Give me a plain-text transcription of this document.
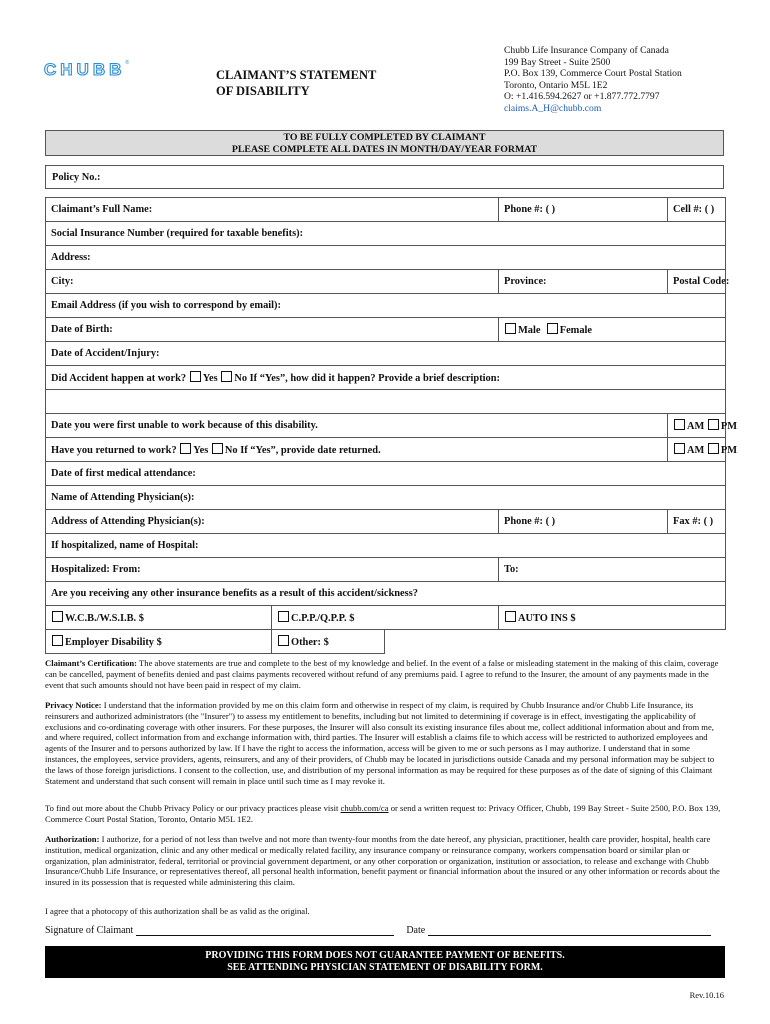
CHUBB®
CLAIMANT’S STATEMENT
OF DISABILITY
Chubb Life Insurance Company of Canada
199 Bay Street - Suite 2500
P.O. Box 139, Commerce Court Postal Station
Toronto, Ontario M5L 1E2
O: +1.416.594.2627 or +1.877.772.7797
claims.A_H@chubb.com
TO BE FULLY COMPLETED BY CLAIMANT
PLEASE COMPLETE ALL DATES IN MONTH/DAY/YEAR FORMAT
Policy No.:
Claimant’s Full Name:			Phone #: ( )	Cell #: ( )
Social Insurance Number (required for taxable benefits):				
Address:				
City:			Province:	Postal Code:
Email Address (if you wish to correspond by email):				
Date of Birth:			Male Female	
Date of Accident/Injury:				
Did Accident happen at work? Yes No If “Yes”, how did it happen? Provide a brief description:				

Date you were first unable to work because of this disability.				AM PM
Have you returned to work? Yes No If “Yes”, provide date returned.				AM PM
Date of first medical attendance:				
Name of Attending Physician(s):				
Address of Attending Physician(s):			Phone #: ( )	Fax #: ( )
If hospitalized, name of Hospital:				
Hospitalized: From:			To:	
Are you receiving any other insurance benefits as a result of this accident/sickness?				
W.C.B./W.S.I.B. $	C.P.P./Q.P.P. $		AUTO INS $	
Employer Disability $	Other: $			
Claimant’s Certification: The above statements are true and complete to the best of my knowledge and belief. In the event of a false or misleading statement in the making of this claim, coverage can be cancelled, payment of benefits denied and past claims payments recovered without refund of any premiums paid. I agree to refund to the Insurer, the amount of any payments made in the event that such amounts should not have been paid in respect of my claim.
Privacy Notice: I understand that the information provided by me on this claim form and otherwise in respect of my claim, is required by Chubb Insurance and/or Chubb Life Insurance, its reinsurers and authorized administrators (the "Insurer") to assess my entitlement to benefits, including but not limited to determining if coverage is in effect, investigating the applicability of exclusions and co-ordinating coverage with other insurers. For these purposes, the Insurer will also consult its existing insurance files about me, collect additional information about and from me, and where required, collect information from and exchange information with, third parties. The Insurer will establish a claims file to which access will be restricted to authorized employees and agents of the Insurer and to persons authorized by law. If I have the right to access the information, access will be given to me or such persons as I may authorize. I understand that in some instances, the employees, service providers, agents, reinsurers, and any of their providers, of Chubb may be located in jurisdictions outside Canada and my personal information may be subject to the laws of those foreign jurisdictions. I consent to the collection, use, and distribution of my personal information as may be required for these purposes as of the date of signing of this Claimant Statement and understand that such consent will remain in place until such time as I may revoke it.
To find out more about the Chubb Privacy Policy or our privacy practices please visit chubb.com/ca or send a written request to: Privacy Officer, Chubb, 199 Bay Street - Suite 2500, P.O. Box 139, Commerce Court Postal Station, Toronto, Ontario M5L 1E2.
Authorization: I authorize, for a period of not less than twelve and not more than twenty-four months from the date hereof, any physician, practitioner, health care provider, hospital, health care institution, medical organization, clinic and any other medical or medically related facility, any insurance company or reinsurance company, workers compensation board or similar plan or organization, plan administrator, federal, territorial or provincial government department, or any other corporation or organization, institution or association, to release and exchange with Chubb Insurance/Chubb Life Insurance, or representatives thereof, all personal health information, benefit payment or financial information about the insured or any other information or records about the insured in its possession that is requested while administering this claim.
I agree that a photocopy of this authorization shall be as valid as the original.
Signature of Claimant	Date
PROVIDING THIS FORM DOES NOT GUARANTEE PAYMENT OF BENEFITS.
SEE ATTENDING PHYSICIAN STATEMENT OF DISABILITY FORM.
Rev.10.16
